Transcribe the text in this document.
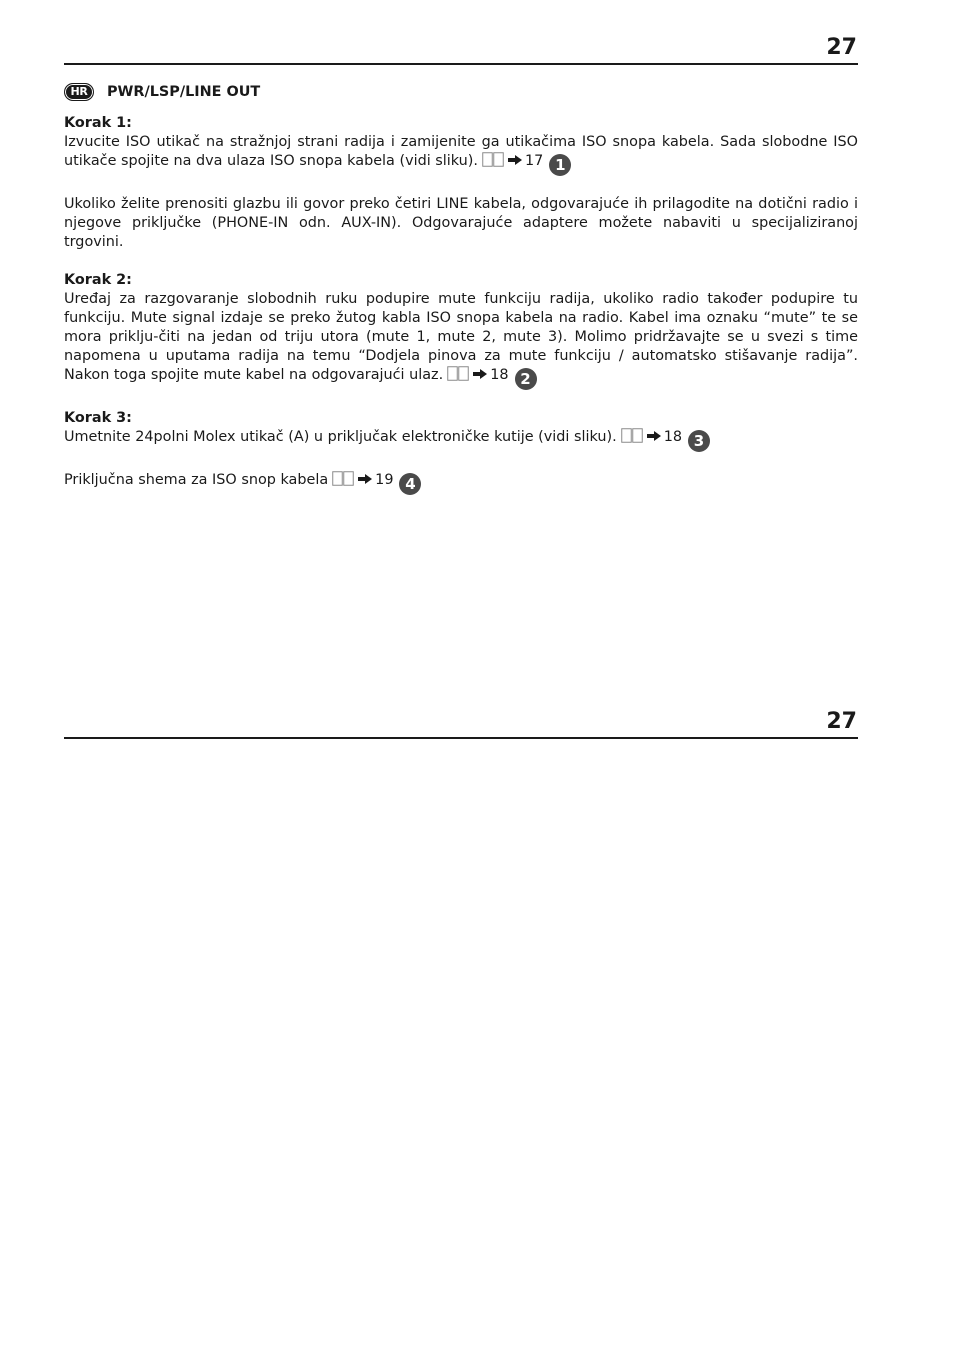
27
HR	PWR/LSP/LINE OUT
Korak 1:

Izvucite ISO utikač na stražnjoj strani radija i zamijenite ga utikačima ISO snopa kabela. Sada slobodne ISO utikače spojite na dva ulaza ISO snopa kabela (vidi sliku).	17 1

Ukoliko želite prenositi glazbu ili govor preko četiri LINE kabela, odgovarajuće ih prilagodite na dotični radio i njegove priključke (PHONE-IN odn. AUX-IN). Odgovarajuće adaptere možete nabaviti u specijaliziranoj trgovini.

Korak 2:

Uređaj za razgovaranje slobodnih ruku podupire mute funkciju radija, ukoliko radio također podupire tu funkciju. Mute signal izdaje se preko žutog kabla ISO snopa kabela na radio. Kabel ima oznaku “mute” te se mora priklju-čiti na jedan od triju utora (mute 1, mute 2, mute 3). Molimo pridržavajte se u svezi s time napomena u uputama radija na temu “Dodjela pinova za mute funkciju / automatsko stišavanje radija”. Nakon toga spojite mute kabel na odgovarajući ulaz.	18 2

Korak 3:

Umetnite 24polni Molex utikač (A) u priključak elektroničke kutije (vidi sliku).	18 3

Priključna shema za ISO snop kabela	19 4

27
